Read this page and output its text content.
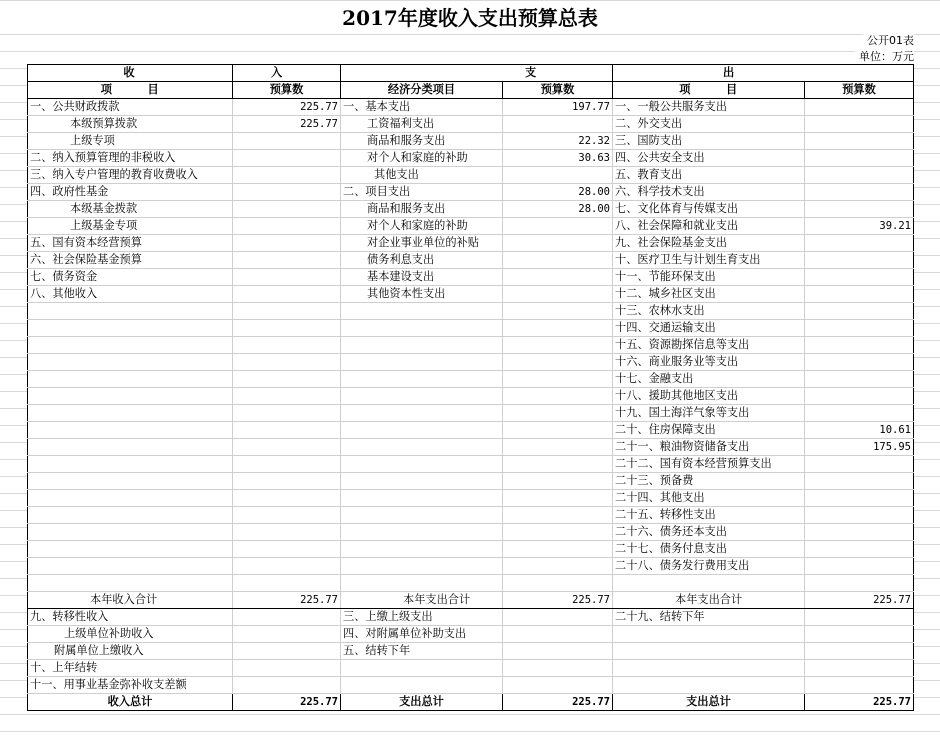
2017年度收入支出预算总表
公开01表
单位：万元
收	入	支		出	
项　　　目	预算数	经济分类项目	预算数	项　　　目	预算数
一、公共财政拨款	225.77	一、基本支出	197.77	一、一般公共服务支出	
本级预算拨款	225.77	工资福利支出		二、外交支出	
上级专项		商品和服务支出	22.32	三、国防支出	
二、纳入预算管理的非税收入		对个人和家庭的补助	30.63	四、公共安全支出	
三、纳入专户管理的教育收费收入		其他支出		五、教育支出	
四、政府性基金		二、项目支出	28.00	六、科学技术支出	
本级基金拨款		商品和服务支出	28.00	七、文化体育与传媒支出	
上级基金专项		对个人和家庭的补助		八、社会保障和就业支出	39.21
五、国有资本经营预算		对企业事业单位的补贴		九、社会保险基金支出	
六、社会保险基金预算		债务利息支出		十、医疗卫生与计划生育支出	
七、债务资金		基本建设支出		十一、节能环保支出	
八、其他收入		其他资本性支出		十二、城乡社区支出	
				十三、农林水支出	
				十四、交通运输支出	
				十五、资源勘探信息等支出	
				十六、商业服务业等支出	
				十七、金融支出	
				十八、援助其他地区支出	
				十九、国土海洋气象等支出	
				二十、住房保障支出	10.61
				二十一、粮油物资储备支出	175.95
				二十二、国有资本经营预算支出	
				二十三、预备费	
				二十四、其他支出	
				二十五、转移性支出	
				二十六、债务还本支出	
				二十七、债务付息支出	
				二十八、债务发行费用支出	

本年收入合计	225.77	本年支出合计	225.77	本年支出合计	225.77
九、转移性收入		三、上缴上级支出		二十九、结转下年	
上级单位补助收入		四、对附属单位补助支出			
附属单位上缴收入		五、结转下年			
十、上年结转					
十一、用事业基金弥补收支差额					
收入总计	225.77	支出总计	225.77	支出总计	225.77
